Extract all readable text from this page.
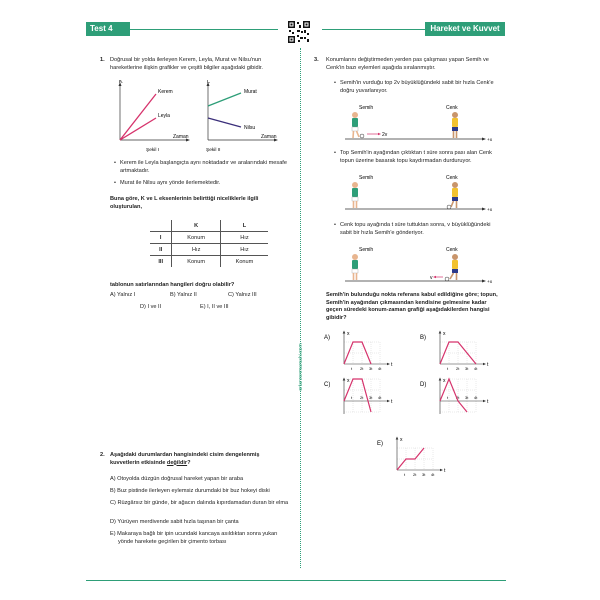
Test 4	Hareket ve Kuvvet
ortanrenmarsahi.com
1. Doğrusal bir yolda ilerleyen Kerem, Leyla, Murat ve Nilsu'nun hareketlerine ilişkin grafikler ve çeşitli bilgiler aşağıdaki gibidir.
K
Kerem
Leyla
Zaman
Şekil I
L
Murat
Nilsu
Zaman
Şekil II
• Kerem ile Leyla başlangıçta aynı noktadadır ve aralarındaki mesafe artmaktadır.
• Murat ile Nilsu aynı yönde ilerlemektedir.
Buna göre, K ve L eksenlerinin belirttiği niceliklerle ilgili oluşturulan,
	K	L
I	Konum	Hız
II	Hız	Hız
III	Konum	Konum
tablonun satırlarından hangileri doğru olabilir?
A) Yalnız I	B) Yalnız II	C) Yalnız III
D) I ve II	E) I, II ve III
2. Aşağıdaki durumlardan hangisindeki cisim dengelenmiş kuvvetlerin etkisinde değildir?
A) Otoyolda düzgün doğrusal hareket yapan bir araba
B) Buz pistinde ilerleyen eylemsiz durumdaki bir buz hokeyi diski
C) Rüzgârsız bir günde, bir ağacın dalında kıpırdamadan duran bir elma
D) Yürüyen merdivende sabit hızla taşınan bir çanta
E) Makaraya bağlı bir ipin ucundaki kancaya asıldıktan sonra yukarı yönde harekete geçirilen bir çimento torbası
3. Konumlarını değiştirmeden yerden pas çalışması yapan Semih ve Cenk'in bazı eylemleri aşağıda sıralanmıştır.
• Semih'in vurduğu top 2v büyüklüğündeki sabit bir hızla Cenk'e doğru yuvarlanıyor.
Semih	Cenk
2v
+x
• Top Semih'in ayağından çıktıktan t süre sonra pası alan Cenk topun üzerine basarak topu kaydırmadan durduruyor.
Semih	Cenk
+x
• Cenk topu ayağında t süre tuttuktan sonra, v büyüklüğündeki sabit bir hızla Semih'e gönderiyor.
Semih	Cenk
v
+x
Semih'in bulunduğu nokta referans kabul edildiğine göre; topun, Semih'in ayağından çıkmasından kendisine gelmesine kadar geçen süredeki konum-zaman grafiği aşağıdakilerden hangisi gibidir?
A)
x
t
t 2t 3t 4t
B)
x
t
t 2t 3t 4t
C)
x
t
t 2t 3t 4t
D)
x
t
t 2t 3t 4t
E)
x
t
t 2t 3t 4t
